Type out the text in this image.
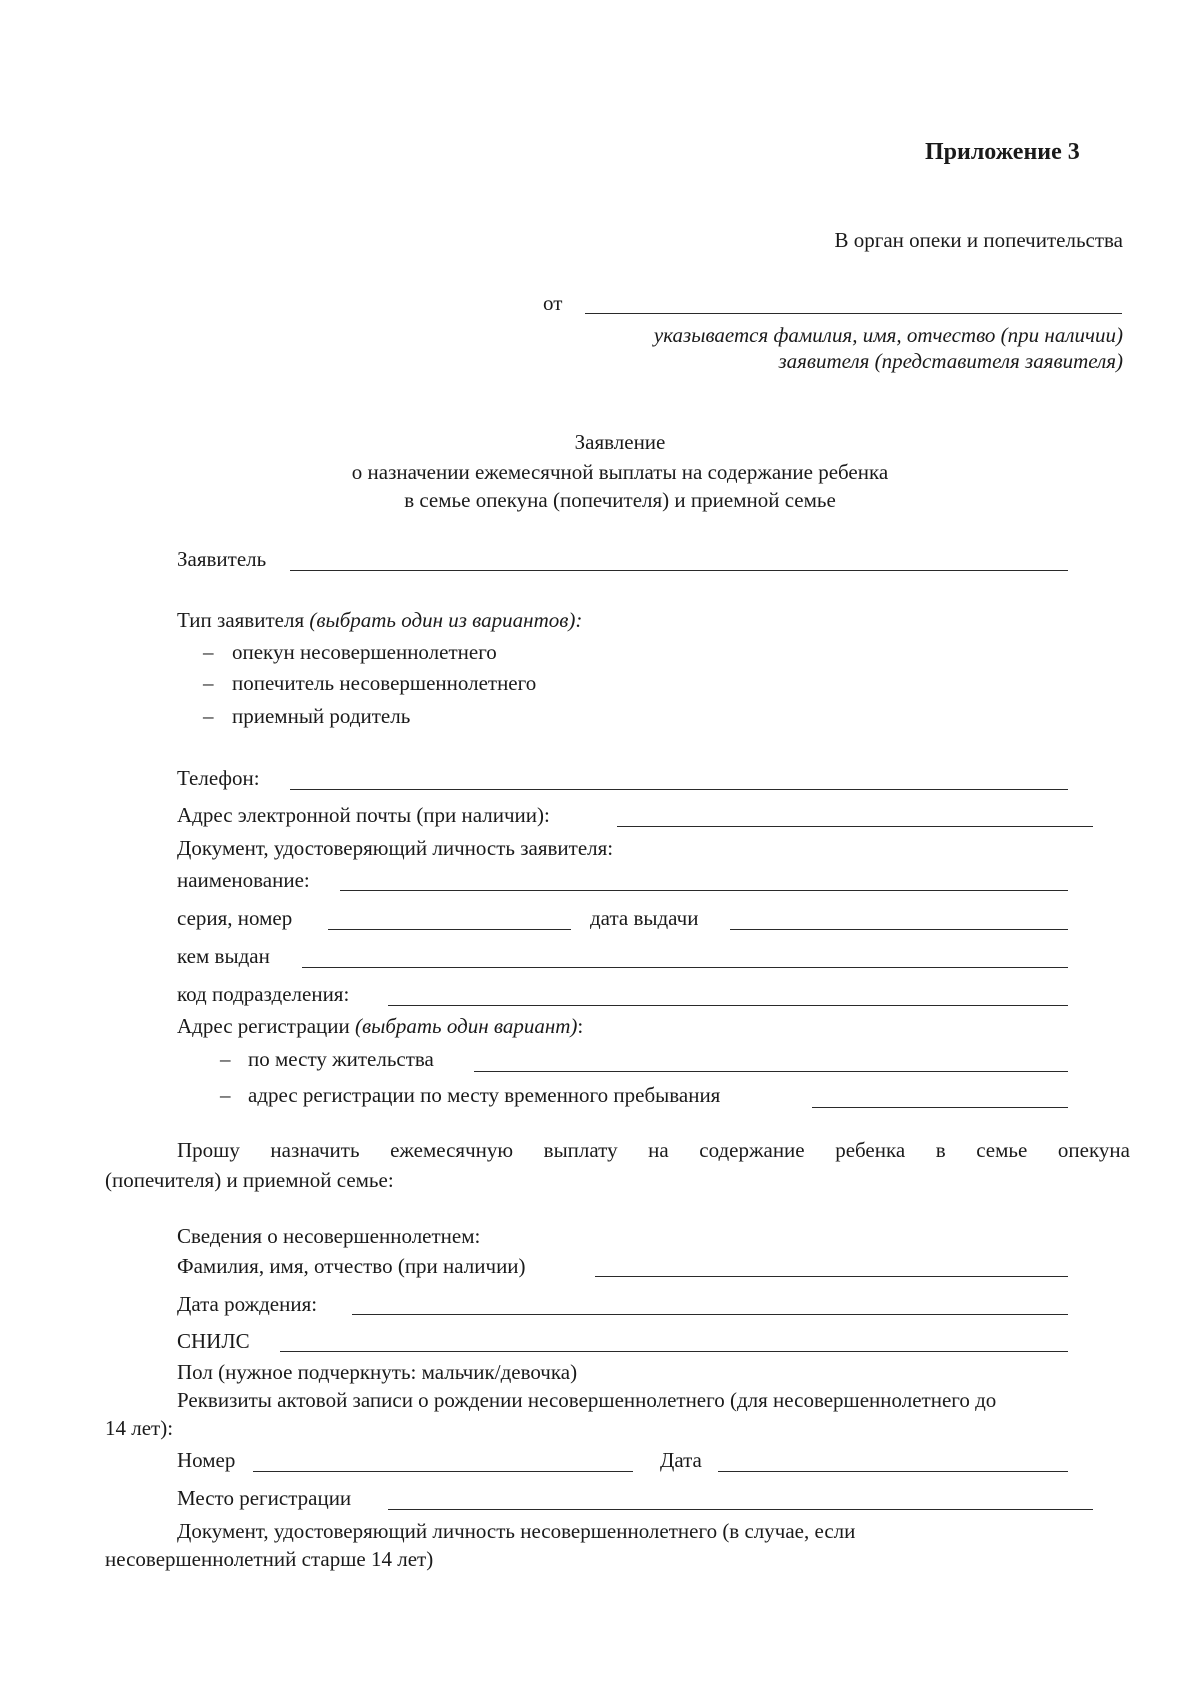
Приложение 3
В орган опеки и попечительства
от
указывается фамилия, имя, отчество (при наличии)
заявителя (представителя заявителя)
Заявление
о назначении ежемесячной выплаты на содержание ребенка
в семье опекуна (попечителя) и приемной семье
Заявитель
Тип заявителя (выбрать один из вариантов):
– опекун несовершеннолетнего
– попечитель несовершеннолетнего
– приемный родитель
Телефон:
Адрес электронной почты (при наличии):
Документ, удостоверяющий личность заявителя:
наименование:
серия, номер	дата выдачи
кем выдан
код подразделения:
Адрес регистрации (выбрать один вариант):
– по месту жительства
– адрес регистрации по месту временного пребывания
Прошу назначить ежемесячную выплату на содержание ребенка в семье опекуна
(попечителя) и приемной семье:
Сведения о несовершеннолетнем:
Фамилия, имя, отчество (при наличии)
Дата рождения:
СНИЛС
Пол (нужное подчеркнуть: мальчик/девочка)
Реквизиты актовой записи о рождении несовершеннолетнего (для несовершеннолетнего до
14 лет):
Номер	Дата
Место регистрации
Документ, удостоверяющий личность несовершеннолетнего (в случае, если
несовершеннолетний старше 14 лет)
